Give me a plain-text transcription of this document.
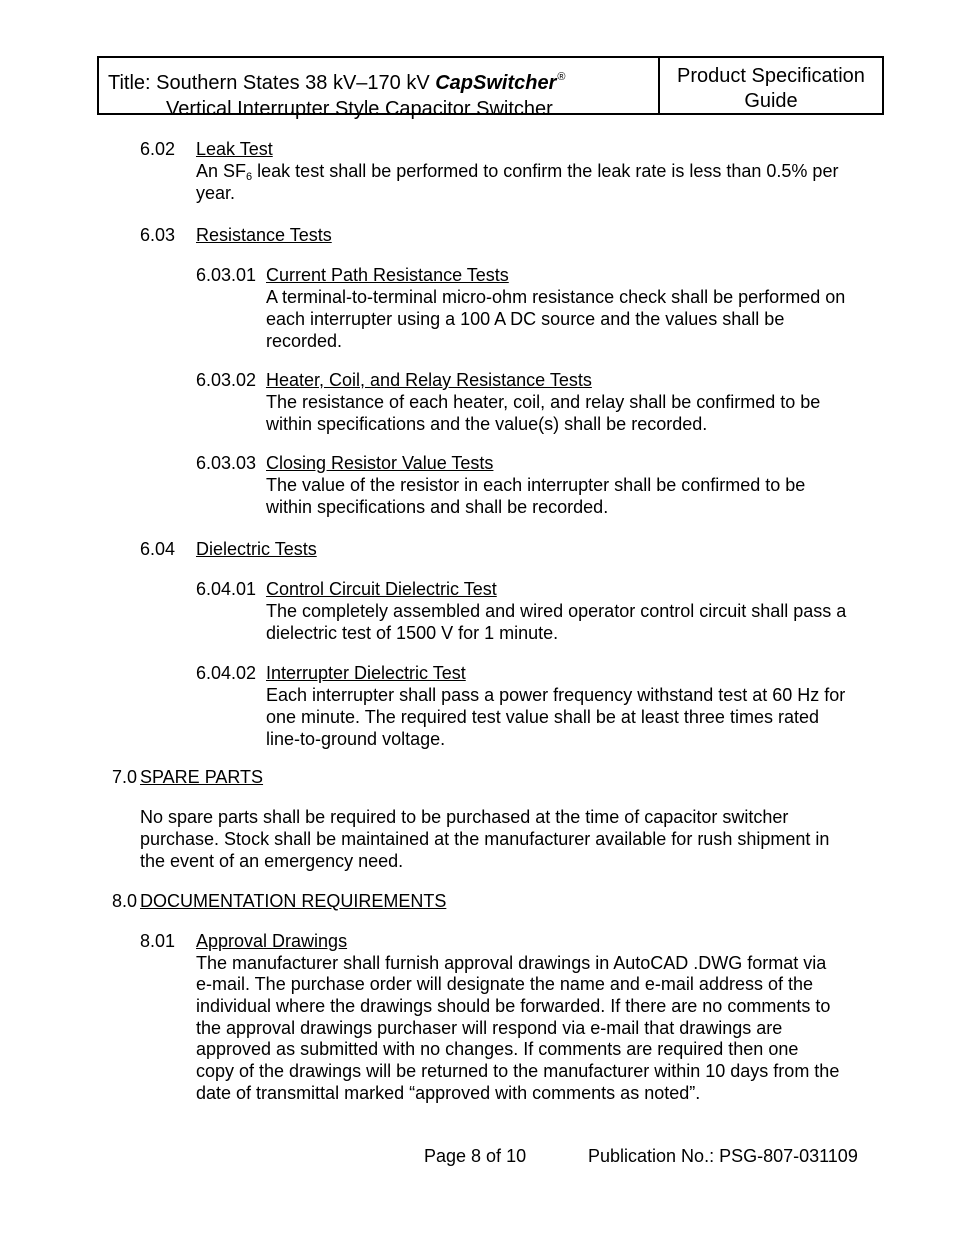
Title: Southern States 38 kV–170 kV CapSwitcher®
Vertical Interrupter Style Capacitor Switcher
Product Specification
Guide
6.02 Leak Test
An $SF_6$ leak test shall be performed to confirm the leak rate is less than 0.5% per
year.
6.03 Resistance Tests
6.03.01 Current Path Resistance Tests
A terminal-to-terminal micro-ohm resistance check shall be performed on
each interrupter using a 100 A DC source and the values shall be
recorded.
6.03.02 Heater, Coil, and Relay Resistance Tests
The resistance of each heater, coil, and relay shall be confirmed to be
within specifications and the value(s) shall be recorded.
6.03.03 Closing Resistor Value Tests
The value of the resistor in each interrupter shall be confirmed to be
within specifications and shall be recorded.
6.04 Dielectric Tests
6.04.01 Control Circuit Dielectric Test
The completely assembled and wired operator control circuit shall pass a
dielectric test of 1500 V for 1 minute.
6.04.02 Interrupter Dielectric Test
Each interrupter shall pass a power frequency withstand test at 60 Hz for
one minute. The required test value shall be at least three times rated
line-to-ground voltage.
7.0 SPARE PARTS
No spare parts shall be required to be purchased at the time of capacitor switcher
purchase. Stock shall be maintained at the manufacturer available for rush shipment in
the event of an emergency need.
8.0 DOCUMENTATION REQUIREMENTS
8.01 Approval Drawings
The manufacturer shall furnish approval drawings in AutoCAD .DWG format via
e-mail. The purchase order will designate the name and e-mail address of the
individual where the drawings should be forwarded. If there are no comments to
the approval drawings purchaser will respond via e-mail that drawings are
approved as submitted with no changes. If comments are required then one
copy of the drawings will be returned to the manufacturer within 10 days from the
date of transmittal marked “approved with comments as noted”.
Page 8 of 10	Publication No.: PSG-807-031109
